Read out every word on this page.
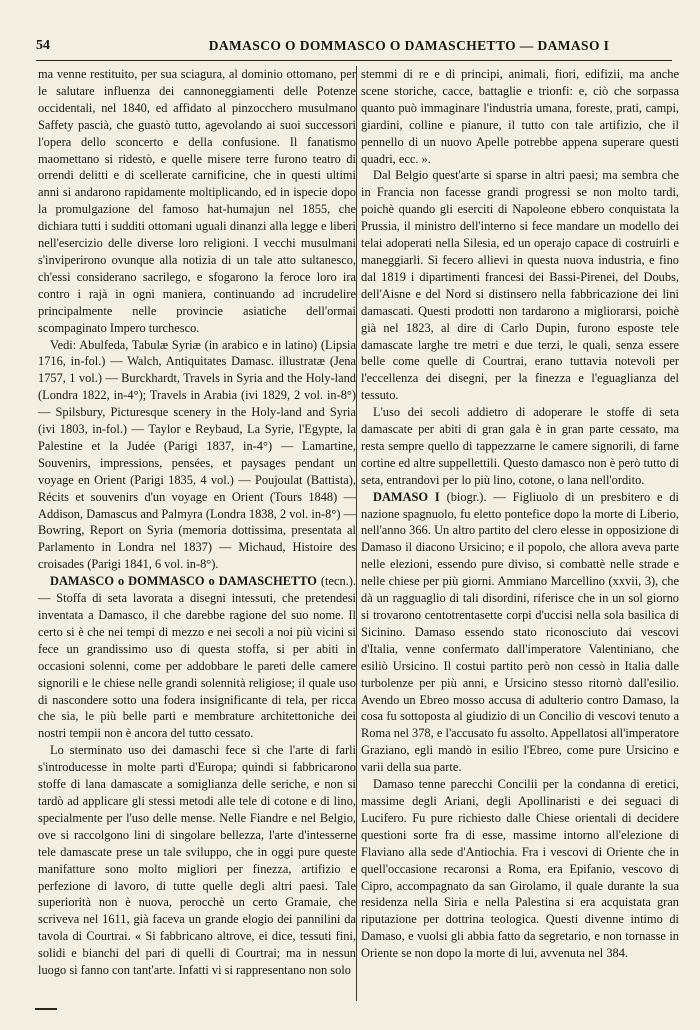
54	DAMASCO O DOMMASCO O DAMASCHETTO — DAMASO I

ma venne restituito, per sua sciagura, al dominio ottomano, per le salutare influenza dei cannoneggiamenti delle Potenze occidentali, nel 1840, ed affidato al pinzocchero musulmano Saffety pascià, che guastò tutto, agevolando ai suoi successori l'opera dello sconcerto e della confusione. Il fanatismo maomettano si ridestò, e quelle misere terre furono teatro di orrendi delitti e di scellerate carnificine, che in questi ultimi anni si andarono rapidamente moltiplicando, ed in ispecie dopo la promulgazione del famoso hat-humajun nel 1855, che dichiara tutti i sudditi ottomani uguali dinanzi alla legge e liberi nell'esercizio delle diverse loro religioni. I vecchi musulmani s'inviperirono ovunque alla notizia di un tale atto sultanesco, ch'essi considerano sacrilego, e sfogarono la feroce loro ira contro i rajà in ogni maniera, continuando ad incrudelire principalmente nelle provincie asiatiche dell'ormai scompaginato Impero turchesco.

Vedi: Abulfeda, Tabulæ Syriæ (in arabico e in latino) (Lipsia 1716, in-fol.) — Walch, Antiquitates Damasc. illustratæ (Jena 1757, 1 vol.) — Burckhardt, Travels in Syria and the Holy-land (Londra 1822, in-4°); Travels in Arabia (ivi 1829, 2 vol. in-8°) — Spilsbury, Picturesque scenery in the Holy-land and Syria (ivi 1803, in-fol.) — Taylor e Reybaud, La Syrie, l'Egypte, la Palestine et la Judée (Parigi 1837, in-4°) — Lamartine, Souvenirs, impressions, pensées, et paysages pendant un voyage en Orient (Parigi 1835, 4 vol.) — Poujoulat (Battista), Récits et souvenirs d'un voyage en Orient (Tours 1848) — Addison, Damascus and Palmyra (Londra 1838, 2 vol. in-8°) — Bowring, Report on Syria (memoria dottissima, presentata al Parlamento in Londra nel 1837) — Michaud, Histoire des croisades (Parigi 1841, 6 vol. in-8°).

DAMASCO o DOMMASCO o DAMASCHETTO (tecn.). — Stoffa di seta lavorata a disegni intessuti, che pretendesi inventata a Damasco, il che darebbe ragione del suo nome. Il certo si è che nei tempi di mezzo e nei secoli a noi più vicini si fece un grandissimo uso di questa stoffa, si per abiti in occasioni solenni, come per addobbare le pareti delle camere signorili e le chiese nelle grandi solennità religiose; il quale uso di nascondere sotto una fodera insignificante di tela, per ricca che sia, le più belle parti e membrature architettoniche dei nostri tempii non è ancora del tutto cessato.

Lo sterminato uso dei damaschi fece sì che l'arte di farli s'introducesse in molte parti d'Europa; quindi si fabbricarono stoffe di lana damascate a somiglianza delle seriche, e non si tardò ad applicare gli stessi metodi alle tele di cotone e di lino, specialmente per l'uso delle mense. Nelle Fiandre e nel Belgio, ove si raccolgono lini di singolare bellezza, l'arte d'intesserne tele damascate prese un tale sviluppo, che in oggi pure queste manifatture sono molto migliori per finezza, artifizio e perfezione di lavoro, di tutte quelle degli altri paesi. Tale superiorità non è nuova, perocchè un certo Gramaie, che scriveva nel 1611, già faceva un grande elogio dei pannilini da tavola di Courtrai. « Si fabbricano altrove, ei dice, tessuti fini, solidi e bianchi del pari di quelli di Courtrai; ma in nessun luogo si fanno con tant'arte. Infatti vi si rappresentano non solo

stemmi di re e di principi, animali, fiori, edifizii, ma anche scene storiche, cacce, battaglie e trionfi: e, ciò che sorpassa quanto può immaginare l'industria umana, foreste, prati, campi, giardini, colline e pianure, il tutto con tale artifizio, che il pennello di un nuovo Apelle potrebbe appena superare questi quadri, ecc. ».

Dal Belgio quest'arte si sparse in altri paesi; ma sembra che in Francia non facesse grandi progressi se non molto tardi, poichè quando gli eserciti di Napoleone ebbero conquistata la Prussia, il ministro dell'interno si fece mandare un modello dei telai adoperati nella Silesia, ed un operajo capace di costruirli e maneggiarli. Si fecero allievi in questa nuova industria, e fino dal 1819 i dipartimenti francesi dei Bassi-Pirenei, del Doubs, dell'Aisne e del Nord si distinsero nella fabbricazione dei lini damascati. Questi prodotti non tardarono a migliorarsi, poichè già nel 1823, al dire di Carlo Dupin, furono esposte tele damascate larghe tre metri e due terzi, le quali, senza essere belle come quelle di Courtrai, erano tuttavia notevoli per l'eccellenza dei disegni, per la finezza e l'eguaglianza del tessuto.

L'uso dei secoli addietro di adoperare le stoffe di seta damascate per abiti di gran gala è in gran parte cessato, ma resta sempre quello di tappezzarne le camere signorili, di farne cortine ed altre suppellettili. Questo damasco non è però tutto di seta, entrandovi per lo più lino, cotone, o lana nell'ordito.

DAMASO I (biogr.). — Figliuolo di un presbitero e di nazione spagnuolo, fu eletto pontefice dopo la morte di Liberio, nell'anno 366. Un altro partito del clero elesse in opposizione di Damaso il diacono Ursicino; e il popolo, che allora aveva parte nelle elezioni, essendo pure diviso, si combattè nelle strade e nelle chiese per più giorni. Ammiano Marcellino (xxvii, 3), che dà un ragguaglio di tali disordini, riferisce che in un sol giorno si trovarono centotrentasette corpi d'uccisi nella sola basilica di Sicinino. Damaso essendo stato riconosciuto dai vescovi d'Italia, venne confermato dall'imperatore Valentiniano, che esiliò Ursicino. Il costui partito però non cessò in Italia dalle turbolenze per più anni, e Ursicino stesso ritornò dall'esilio. Avendo un Ebreo mosso accusa di adulterio contro Damaso, la cosa fu sottoposta al giudizio di un Concilio di vescovi tenuto a Roma nel 378, e l'accusato fu assolto. Appellatosi all'imperatore Graziano, egli mandò in esilio l'Ebreo, come pure Ursicino e varii della sua parte.

Damaso tenne parecchi Concilii per la condanna di eretici, massime degli Ariani, degli Apollinaristi e dei seguaci di Lucifero. Fu pure richiesto dalle Chiese orientali di decidere questioni sorte fra di esse, massime intorno all'elezione di Flaviano alla sede d'Antiochia. Fra i vescovi di Oriente che in quell'occasione recaronsi a Roma, era Epifanio, vescovo di Cipro, accompagnato da san Girolamo, il quale durante la sua residenza nella Siria e nella Palestina si era acquistata gran riputazione per dottrina teologica. Questi divenne intimo di Damaso, e vuolsi gli abbia fatto da segretario, e non tornasse in Oriente se non dopo la morte di lui, avvenuta nel 384.
